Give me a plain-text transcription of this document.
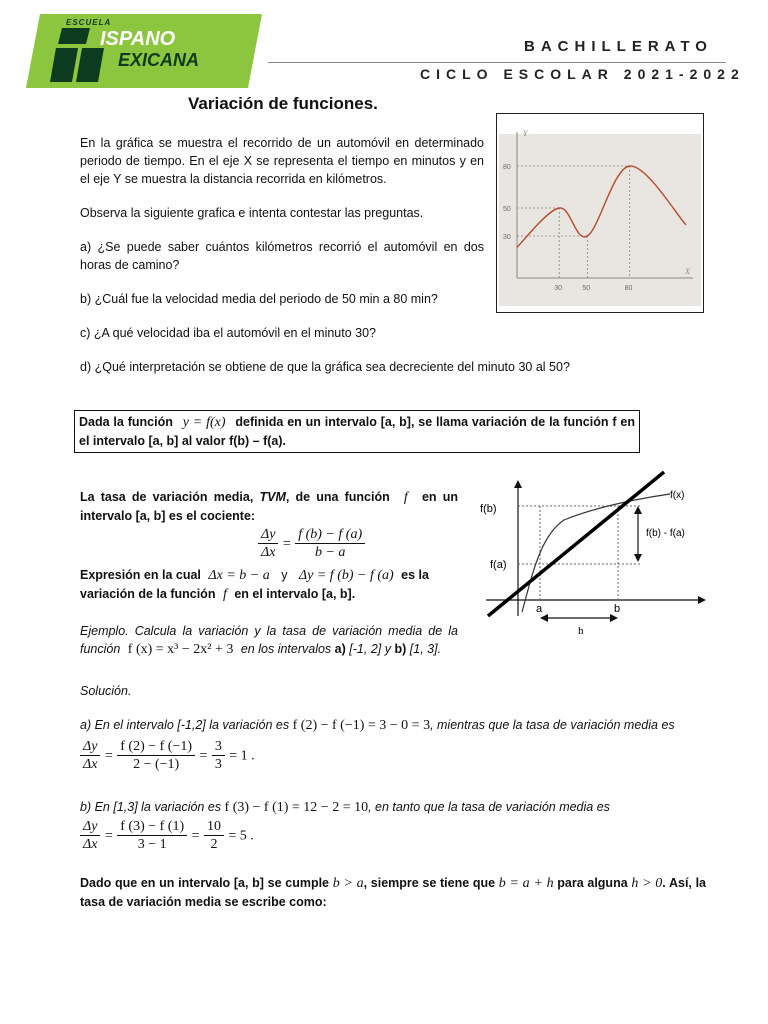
ESCUELA
ISPANO
EXICANA
BACHILLERATO
CICLO ESCOLAR 2021-2022
Variación de funciones.
En la gráfica se muestra el recorrido de un automóvil en determinado periodo de tiempo. En el eje X se representa el tiempo en minutos y en el eje Y se muestra la distancia recorrida en kilómetros.
Observa la siguiente grafica e intenta contestar las preguntas.
a) ¿Se puede saber cuántos kilómetros recorrió el automóvil en dos horas de camino?
b) ¿Cuál fue la velocidad media del periodo de 50 min a 80 min?
c) ¿A qué velocidad iba el automóvil en el minuto 30?
d) ¿Qué interpretación se obtiene de que la gráfica sea decreciente del minuto 30 al 50?
Y
X
30
50
80
30	50	80
Dada la función y = f(x) definida en un intervalo [a, b], se llama variación de la función f en el intervalo [a, b] al valor f(b) – f(a).
La tasa de variación media, TVM, de una función f en un intervalo [a, b] es el cociente:
$\frac{\Delta y}{\Delta x} = \frac{f (b) - f (a)}{b - a}$
Expresión en la cual Δx = b − a y Δy = f (b) − f (a) es la
variación de la función f en el intervalo [a, b].
f(b)
f(a)
f(x)
f(b) - f(a)
a	b
h
Ejemplo. Calcula la variación y la tasa de variación media de la función f (x) = x³ − 2x² + 3 en los intervalos a) [-1, 2] y b) [1, 3].
Solución.
a) En el intervalo [-1,2] la variación es f (2) − f (−1) = 3 − 0 = 3, mientras que la tasa de variación media es
$\frac{\Delta y}{\Delta x} = \frac{f (2) - f (-1)}{2 - (-1)} = \frac{3}{3} = 1$ .
b) En [1,3] la variación es f (3) − f (1) = 12 − 2 = 10, en tanto que la tasa de variación media es
$\frac{\Delta y}{\Delta x} = \frac{f (3) - f (1)}{3 - 1} = \frac{10}{2} = 5$ .
Dado que en un intervalo [a, b] se cumple b > a, siempre se tiene que b = a + h para alguna h > 0. Así, la tasa de variación media se escribe como:
